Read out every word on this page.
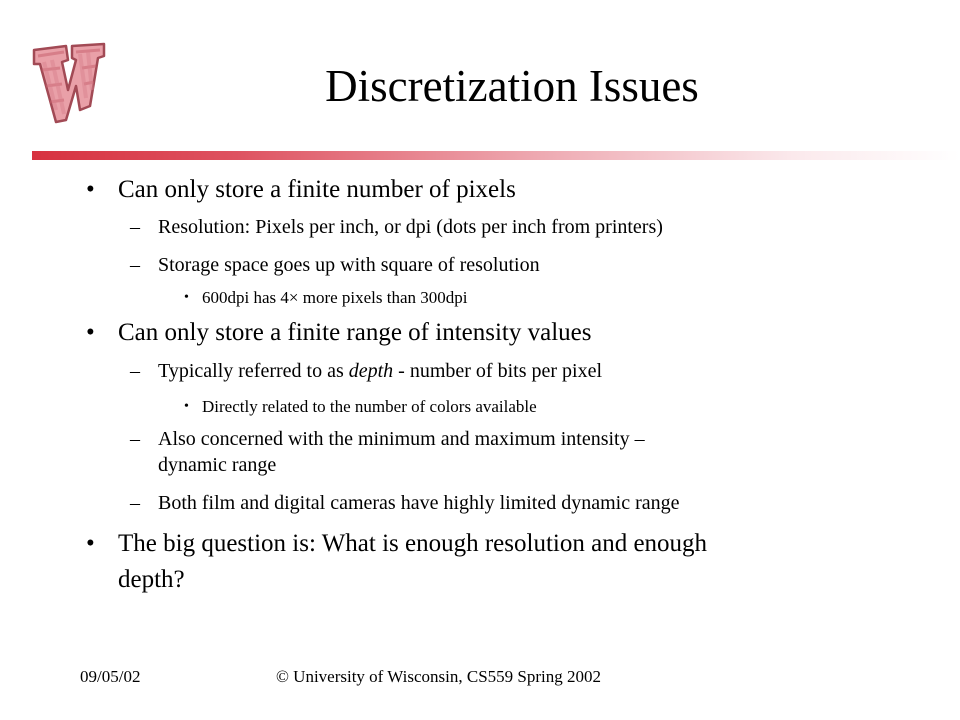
Discretization Issues
• Can only store a finite number of pixels
– Resolution: Pixels per inch, or dpi (dots per inch from printers)
– Storage space goes up with square of resolution
• 600dpi has 4× more pixels than 300dpi
• Can only store a finite range of intensity values
– Typically referred to as depth - number of bits per pixel
• Directly related to the number of colors available
– Also concerned with the minimum and maximum intensity –
dynamic range
– Both film and digital cameras have highly limited dynamic range
• The big question is: What is enough resolution and enough
depth?
09/05/02	© University of Wisconsin, CS559 Spring 2002
